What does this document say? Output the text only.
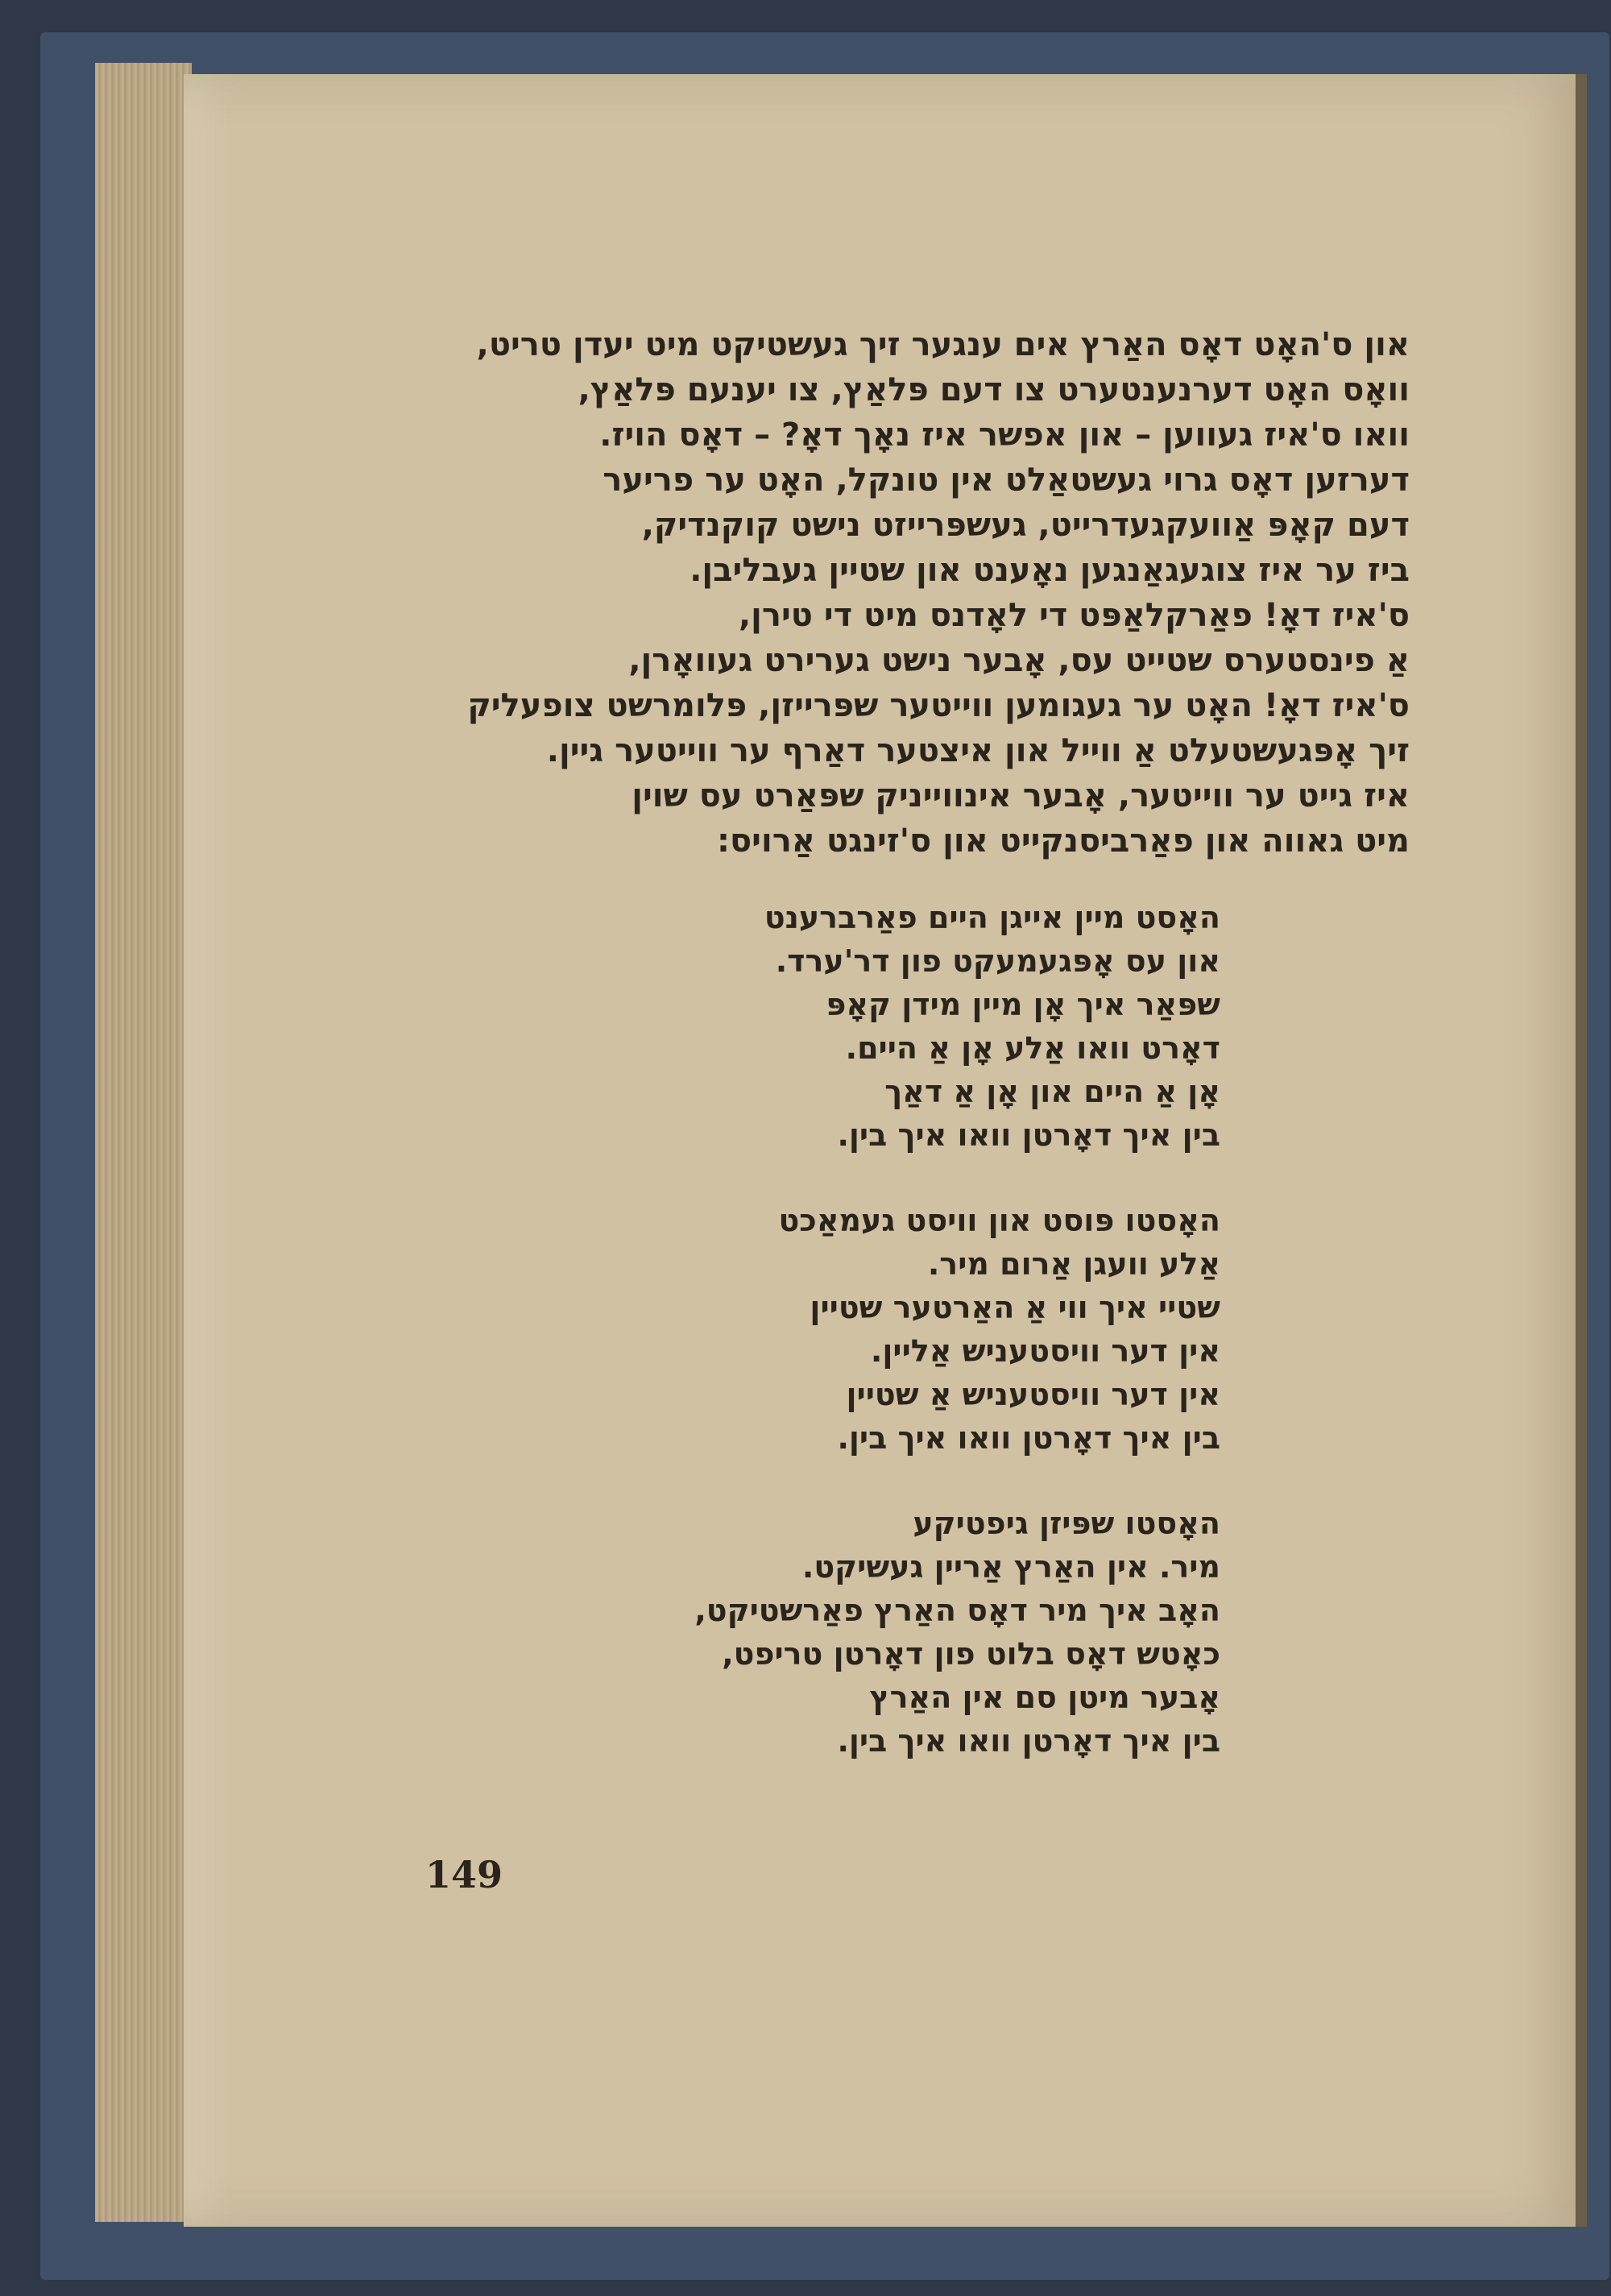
און ס'האָט דאָס האַרץ אים ענגער זיך געשטיקט מיט יעדן טריט,
וואָס האָט דערנענטערט צו דעם פּלאַץ, צו יענעם פּלאַץ,
וואו ס'איז געווען – און אפשר איז נאָך דאָ? – דאָס הויז.
דערזען דאָס גרוי געשטאַלט אין טונקל, האָט ער פריער
דעם קאָפּ אַוועקגעדרייט, געשפּרייזט נישט קוקנדיק,
ביז ער איז צוגעגאַנגען נאָענט און שטיין געבליבן.
ס'איז דאָ! פאַרקלאַפּט די לאָדנס מיט די טירן,
אַ פינסטערס שטייט עס, אָבער נישט גערירט געוואָרן,
ס'איז דאָ! האָט ער געגומען ווייטער שפּרייזן, פּלומרשט צופעליק
זיך אָפּגעשטעלט אַ ווייל און איצטער דאַרף ער ווייטער גיין.
איז גייט ער ווייטער, אָבער אינווייניק שפּאַרט עס שוין
מיט גאווה און פאַרביסנקייט און ס'זינגט אַרויס:
האָסט מיין אייגן היים פאַרברענט
און עס אָפּגעמעקט פון דר'ערד.
שפּאַר איך אָן מיין מידן קאָפּ
דאָרט וואו אַלע אָן אַ היים.
אָן אַ היים און אָן אַ דאַך
בין איך דאָרטן וואו איך בין.
האָסטו פּוסט און וויסט געמאַכט
אַלע וועגן אַרום מיר.
שטיי איך ווי אַ האַרטער שטיין
אין דער וויסטעניש אַליין.
אין דער וויסטעניש אַ שטיין
בין איך דאָרטן וואו איך בין.
האָסטו שפּיזן גיפטיקע
מיר. אין האַרץ אַריין געשיקט.
האָב איך מיר דאָס האַרץ פאַרשטיקט,
כאָטש דאָס בלוט פון דאָרטן טריפט,
אָבער מיטן סם אין האַרץ
בין איך דאָרטן וואו איך בין.
149
